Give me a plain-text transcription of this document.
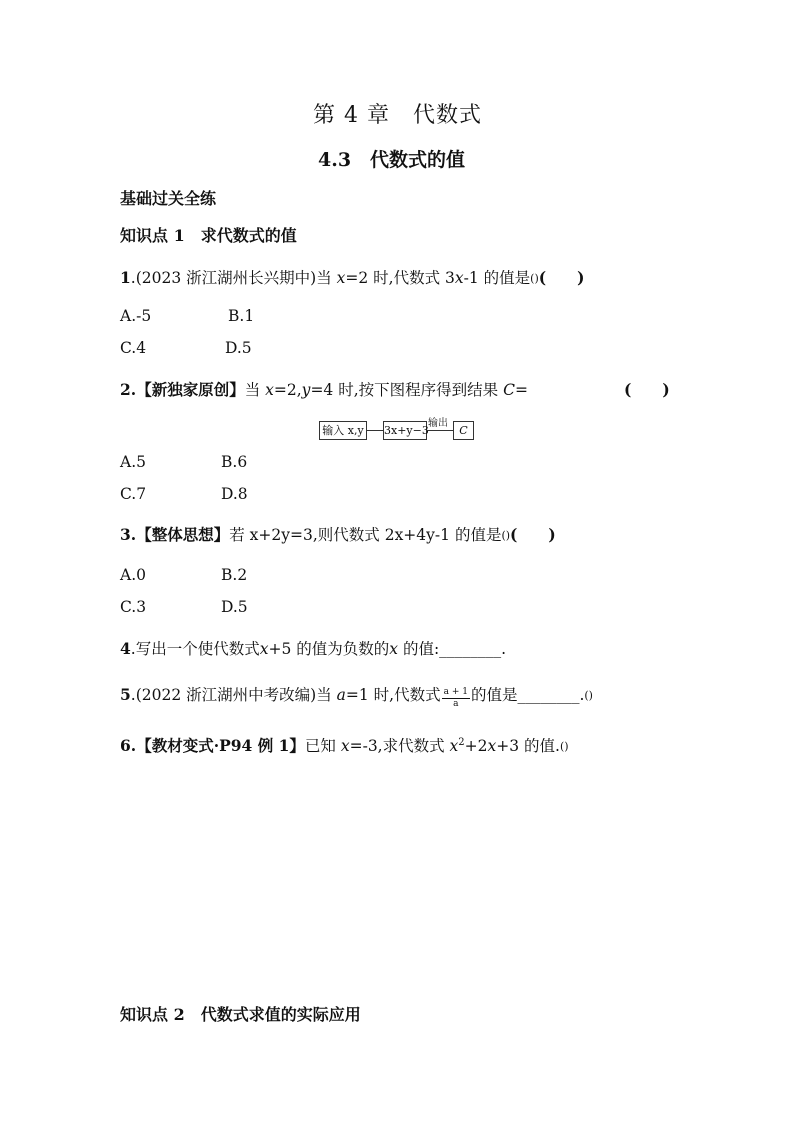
第 4 章　代数式
4.3　代数式的值
基础过关全练
知识点 1　求代数式的值
1.(2023 浙江湖州长兴期中)当 x=2 时,代数式 3x-1 的值是()(　　)
A.-5	B.1
C.4	D.5
2.【新独家原创】当 x=2,y=4 时,按下图程序得到结果 C=	(　　)
输入 x,y 3x+y−3
输出
C
A.5	B.6
C.7	D.8
3.【整体思想】若 x+2y=3,则代数式 2x+4y-1 的值是()(　　)
A.0	B.2
C.3	D.5
4.写出一个使代数式x+5 的值为负数的x 的值:________.
5.(2022 浙江湖州中考改编)当 a=1 时,代数式 $\frac{a + 1}{a}$ 的值是________.()
6.【教材变式·P94 例 1】已知 x=-3,求代数式 $x^2+2x+3$ 的值.()
知识点 2　代数式求值的实际应用
